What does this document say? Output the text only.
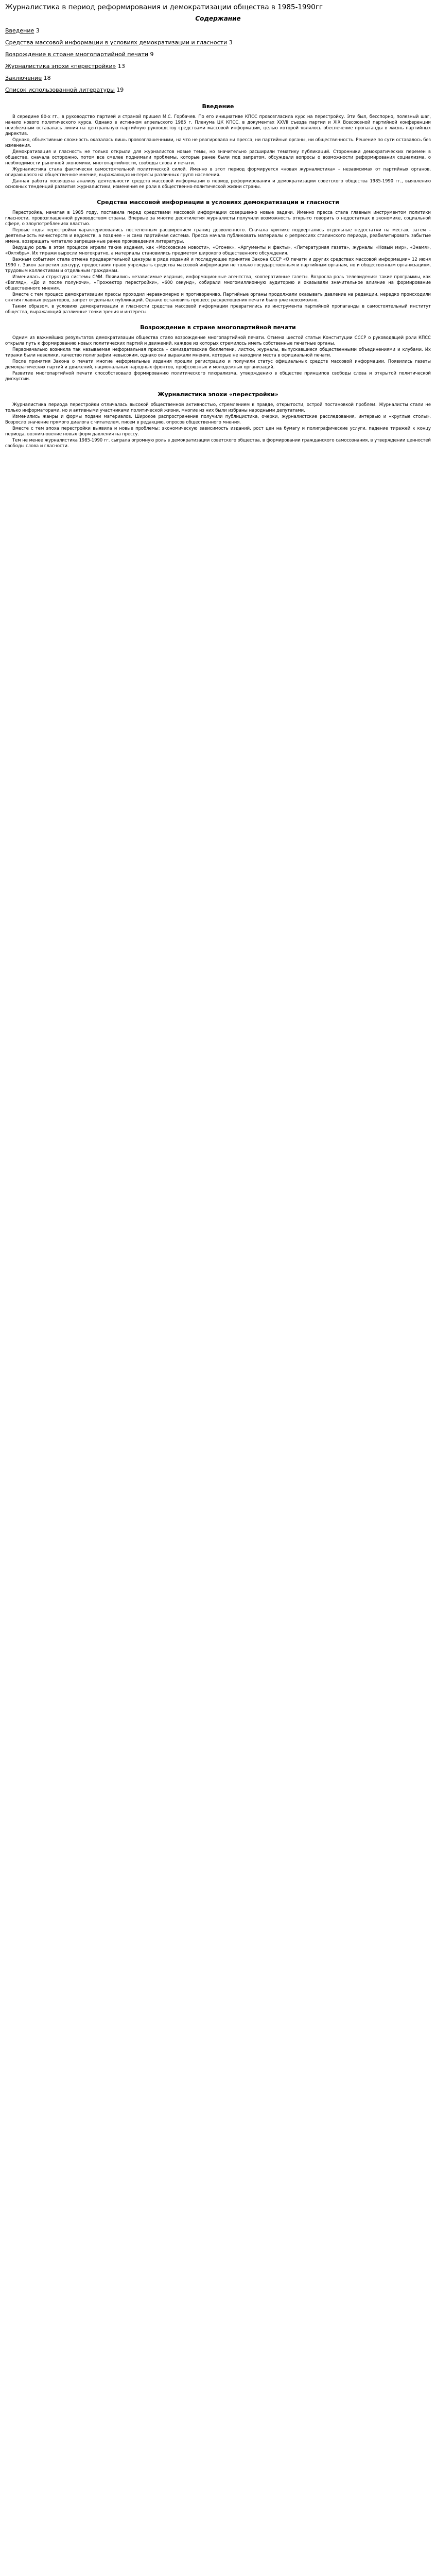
Журналистика в период реформирования и демократизации общества в 1985-1990гг
Содержание
Введение 3
Средства массовой информации в условиях демократизации и гласности 3
Возрождение в стране многопартийной печати 9
Журналистика эпохи «перестройки» 13
Заключение 18
Список использованной литературы 19
Введение

В середине 80-х гг., в руководство партией и страной пришел М.С. Горбачев. По его инициативе КПСС провозгласила курс на перестройку. Эти был, бесспорно, полезный шаг, начало нового политического курса. Однако в истинном апрельского 1985 г. Пленума ЦК КПСС, в документах XXVII съезда партии и XIX Всесоюзной партийной конференции неизбежным оставалась линия на центральную партийную руководству средствами массовой информации, целью которой являлось обеспечение пропаганды в жизнь партийных директив.

Однако, объективные сложность оказалась лишь провозглашенными, на что не реагировала ни пресса, ни партийные органы, ни общественность. Решение по сути оставалось без изменения.

Демократизация и гласность не только открыли для журналистов новые темы, но значительно расширили тематику публикаций. Сторонники демократических перемен в обществе, сначала осторожно, потом все смелее поднимали проблемы, которые ранее были под запретом, обсуждали вопросы о возможности реформирования социализма, о необходимости рыночной экономики, многопартийности, свободы слова и печати.

Журналистика стала фактически самостоятельной политической силой. Именно в этот период формируется «новая журналистика» – независимая от партийных органов, опирающаяся на общественное мнение, выражающая интересы различных групп населения.

Данная работа посвящена анализу деятельности средств массовой информации в период реформирования и демократизации советского общества 1985-1990 гг., выявлению основных тенденций развития журналистики, изменения ее роли в общественно-политической жизни страны.

Средства массовой информации в условиях демократизации и гласности

Перестройка, начатая в 1985 году, поставила перед средствами массовой информации совершенно новые задачи. Именно пресса стала главным инструментом политики гласности, провозглашенной руководством страны. Впервые за многие десятилетия журналисты получили возможность открыто говорить о недостатках в экономике, социальной сфере, о злоупотреблениях властью.

Первые годы перестройки характеризовались постепенным расширением границ дозволенного. Сначала критике подвергались отдельные недостатки на местах, затем – деятельность министерств и ведомств, а позднее – и сама партийная система. Пресса начала публиковать материалы о репрессиях сталинского периода, реабилитировать забытые имена, возвращать читателю запрещенные ранее произведения литературы.

Ведущую роль в этом процессе играли такие издания, как «Московские новости», «Огонек», «Аргументы и факты», «Литературная газета», журналы «Новый мир», «Знамя», «Октябрь». Их тиражи выросли многократно, а материалы становились предметом широкого общественного обсуждения.

Важным событием стала отмена предварительной цензуры в ряде изданий и последующее принятие Закона СССР «О печати и других средствах массовой информации» 12 июня 1990 г. Закон запретил цензуру, предоставил право учреждать средства массовой информации не только государственным и партийным органам, но и общественным организациям, трудовым коллективам и отдельным гражданам.

Изменилась и структура системы СМИ. Появились независимые издания, информационные агентства, кооперативные газеты. Возросла роль телевидения: такие программы, как «Взгляд», «До и после полуночи», «Прожектор перестройки», «600 секунд», собирали многомиллионную аудиторию и оказывали значительное влияние на формирование общественного мнения.

Вместе с тем процесс демократизации прессы проходил неравномерно и противоречиво. Партийные органы продолжали оказывать давление на редакции, нередко происходили снятия главных редакторов, запрет отдельных публикаций. Однако остановить процесс раскрепощения печати было уже невозможно.

Таким образом, в условиях демократизации и гласности средства массовой информации превратились из инструмента партийной пропаганды в самостоятельный институт общества, выражающий различные точки зрения и интересы.

Возрождение в стране многопартийной печати

Одним из важнейших результатов демократизации общества стало возрождение многопартийной печати. Отмена шестой статьи Конституции СССР о руководящей роли КПСС открыла путь к формированию новых политических партий и движений, каждое из которых стремилось иметь собственные печатные органы.

Первоначально возникла так называемая неформальная пресса – самиздатовские бюллетени, листки, журналы, выпускавшиеся общественными объединениями и клубами. Их тиражи были невелики, качество полиграфии невысоким, однако они выражали мнения, которые не находили места в официальной печати.

После принятия Закона о печати многие неформальные издания прошли регистрацию и получили статус официальных средств массовой информации. Появились газеты демократических партий и движений, национальных народных фронтов, профсоюзных и молодежных организаций.

Развитие многопартийной печати способствовало формированию политического плюрализма, утверждению в обществе принципов свободы слова и открытой политической дискуссии.

Журналистика эпохи «перестройки»

Журналистика периода перестройки отличалась высокой общественной активностью, стремлением к правде, открытости, острой постановкой проблем. Журналисты стали не только информаторами, но и активными участниками политической жизни, многие из них были избраны народными депутатами.

Изменились жанры и формы подачи материалов. Широкое распространение получили публицистика, очерки, журналистские расследования, интервью и «круглые столы». Возросло значение прямого диалога с читателем, писем в редакцию, опросов общественного мнения.

Вместе с тем эпоха перестройки выявила и новые проблемы: экономическую зависимость изданий, рост цен на бумагу и полиграфические услуги, падение тиражей к концу периода, возникновение новых форм давления на прессу.

Тем не менее журналистика 1985-1990 гг. сыграла огромную роль в демократизации советского общества, в формировании гражданского самосознания, в утверждении ценностей свободы слова и гласности.
